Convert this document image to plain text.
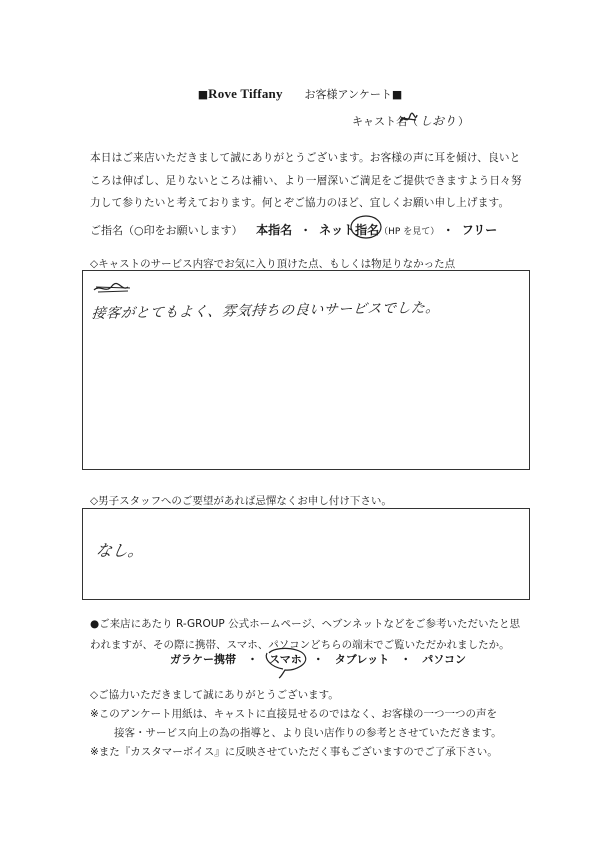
■Rove Tiffany お客様アンケート■
キャスト名（ しおり ）
本日はご来店いただきまして誠にありがとうございます。お客様の声に耳を傾け、良いところは伸ばし、足りないところは補い、より一層深いご満足をご提供できますよう日々努力して参りたいと考えております。何とぞご協力のほど、宜しくお願い申し上げます。
ご指名（○印をお願いします） 本指名 ・ ネット
指名（HP を見て） ・ フリー
◇キャストのサービス内容でお気に入り頂けた点、もしくは物足りなかった点
接客がとてもよく、雰気持ちの良いサービスでした。
◇男子スタッフへのご要望があれば忌憚なくお申し付け下さい。
なし。
●ご来店にあたり R-GROUP 公式ホームページ、ヘブンネットなどをご参考いただいたと思われますが、その際に携帯、スマホ、パソコンどちらの端末でご覧いただかれましたか。
ガラケー携帯 ・ スマホ ・ タブレット ・ パソコン
◇ご協力いただきまして誠にありがとうございます。
※このアンケート用紙は、キャストに直接見せるのではなく、お客様の一つ一つの声を
接客・サービス向上の為の指導と、より良い店作りの参考とさせていただきます。
※また『カスタマーボイス』に反映させていただく事もございますのでご了承下さい。
